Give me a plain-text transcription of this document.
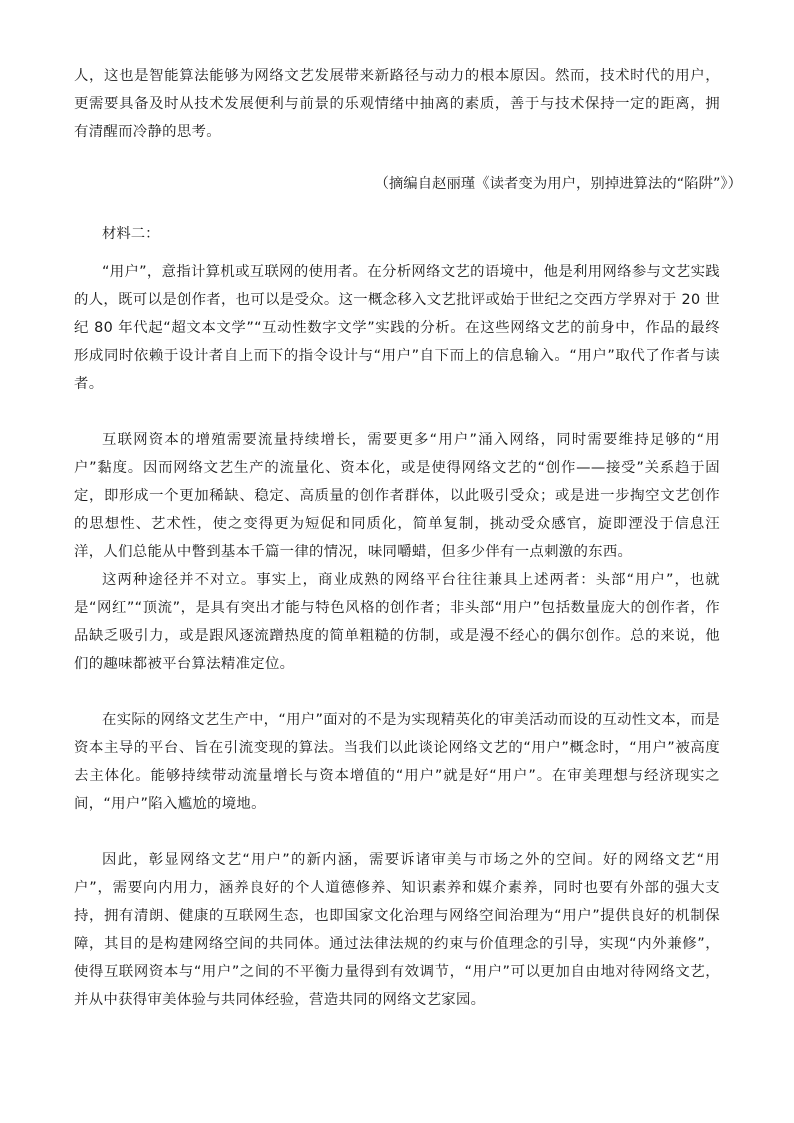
人，这也是智能算法能够为网络文艺发展带来新路径与动力的根本原因。然而，技术时代的用户，更需要具备及时从技术发展便利与前景的乐观情绪中抽离的素质，善于与技术保持一定的距离，拥有清醒而冷静的思考。

（摘编自赵丽瑾《读者变为用户，别掉进算法的“陷阱”》）
材料二：

“用户”，意指计算机或互联网的使用者。在分析网络文艺的语境中，他是利用网络参与文艺实践的人，既可以是创作者，也可以是受众。这一概念移入文艺批评或始于世纪之交西方学界对于 20 世纪 80 年代起“超文本文学”“互动性数字文学”实践的分析。在这些网络文艺的前身中，作品的最终形成同时依赖于设计者自上而下的指令设计与“用户”自下而上的信息输入。“用户”取代了作者与读者。

互联网资本的增殖需要流量持续增长，需要更多“用户”涌入网络，同时需要维持足够的“用户”黏度。因而网络文艺生产的流量化、资本化，或是使得网络文艺的“创作——接受”关系趋于固定，即形成一个更加稀缺、稳定、高质量的创作者群体，以此吸引受众；或是进一步掏空文艺创作的思想性、艺术性，使之变得更为短促和同质化，简单复制，挑动受众感官，旋即湮没于信息汪洋，人们总能从中瞥到基本千篇一律的情况，味同嚼蜡，但多少伴有一点刺激的东西。

这两种途径并不对立。事实上，商业成熟的网络平台往往兼具上述两者：头部“用户”，也就是“网红”“顶流”，是具有突出才能与特色风格的创作者；非头部“用户”包括数量庞大的创作者，作品缺乏吸引力，或是跟风逐流蹭热度的简单粗糙的仿制，或是漫不经心的偶尔创作。总的来说，他们的趣味都被平台算法精准定位。

在实际的网络文艺生产中，“用户”面对的不是为实现精英化的审美活动而设的互动性文本，而是资本主导的平台、旨在引流变现的算法。当我们以此谈论网络文艺的“用户”概念时，“用户”被高度去主体化。能够持续带动流量增长与资本增值的“用户”就是好“用户”。在审美理想与经济现实之间，“用户”陷入尴尬的境地。

因此，彰显网络文艺“用户”的新内涵，需要诉诸审美与市场之外的空间。好的网络文艺“用户”，需要向内用力，涵养良好的个人道德修养、知识素养和媒介素养，同时也要有外部的强大支持，拥有清朗、健康的互联网生态，也即国家文化治理与网络空间治理为“用户”提供良好的机制保障，其目的是构建网络空间的共同体。通过法律法规的约束与价值理念的引导，实现“内外兼修”，使得互联网资本与“用户”之间的不平衡力量得到有效调节，“用户”可以更加自由地对待网络文艺，并从中获得审美体验与共同体经验，营造共同的网络文艺家园。
